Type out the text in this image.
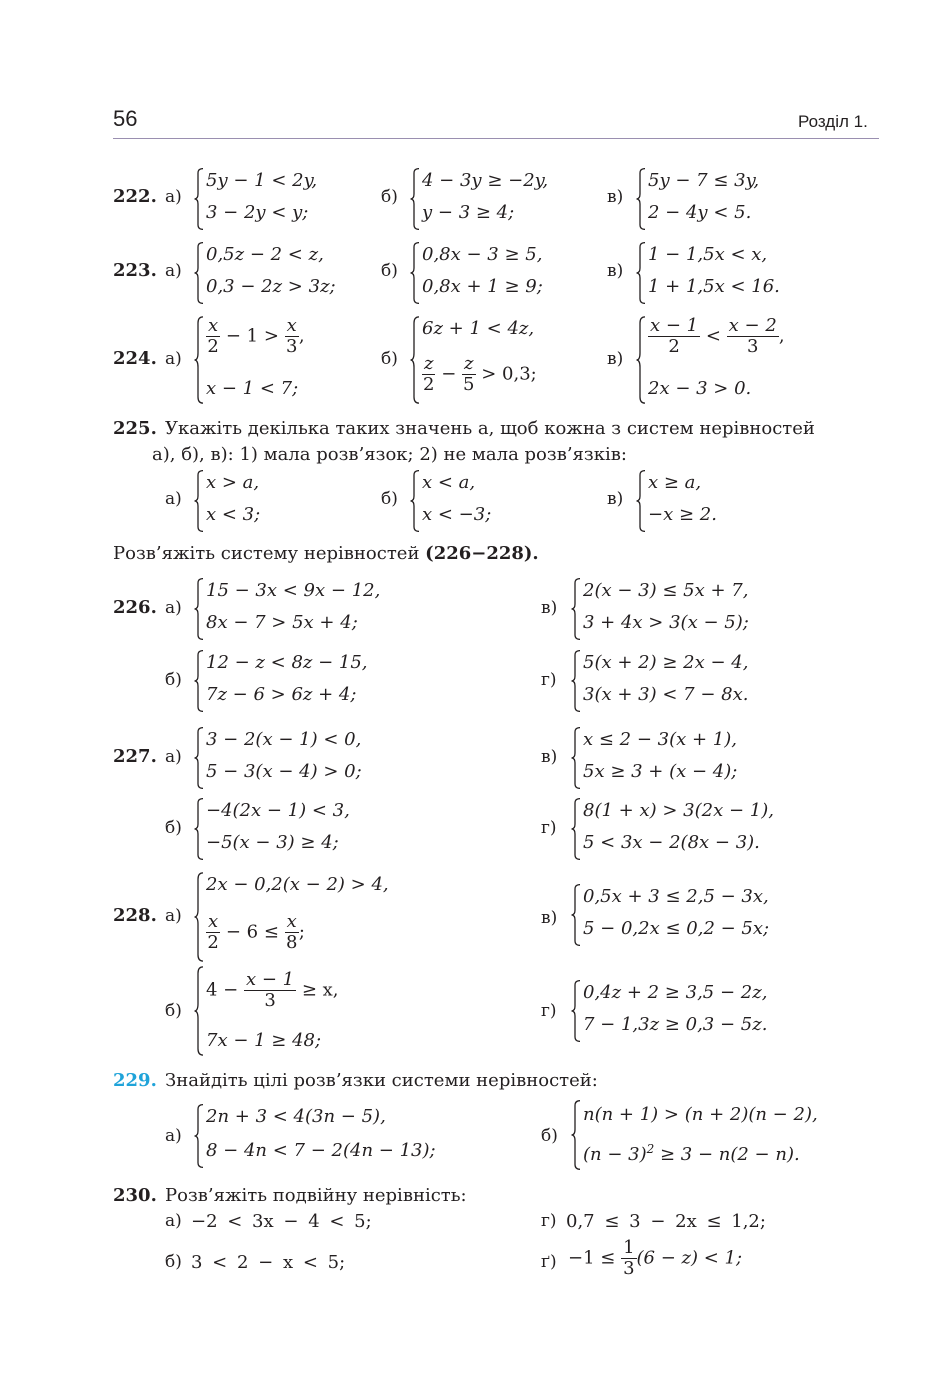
56	Розділ 1.
222. а)
5y − 1 < 2y,
3 − 2y < y;
б)
4 − 3y ≥ −2y,
y − 3 ≥ 4;
в)
5y − 7 ≤ 3y,
2 − 4y < 5.
223. а)
0,5z − 2 < z,
0,3 − 2z > 3z;
б)
0,8x − 3 ≥ 5,
0,8x + 1 ≥ 9;
в)
1 − 1,5x < x,
1 + 1,5x < 16.
224. а)
$\frac{x}{2} - 1 > \frac{x}{3}$ ,
x − 1 < 7;
б)
6z + 1 < 4z,
$\frac{z}{2} - \frac{z}{5} > 0,3$;
в)
$\frac{x - 1}{2} < \frac{x - 2}{3}$ ,
2x − 3 > 0.
225. Укажіть декілька таких значень a, щоб кожна з систем нерівностей
а), б), в): 1) мала розв’язок; 2) не мала розв’язків:
а)
x > a,
x < 3;
б)
x < a,
x < −3;
в)
x ≥ a,
−x ≥ 2.
Розв’яжіть систему нерівностей (226−228).
226. а)
15 − 3x < 9x − 12,
8x − 7 > 5x + 4;
б)
12 − z < 8z − 15,
7z − 6 > 6z + 4;
в)
2(x − 3) ≤ 5x + 7,
3 + 4x > 3(x − 5);
г)
5(x + 2) ≥ 2x − 4,
3(x + 3) < 7 − 8x.
227. а)
3 − 2(x − 1) < 0,
5 − 3(x − 4) > 0;
б)
−4(2x − 1) < 3,
−5(x − 3) ≥ 4;
в)
x ≤ 2 − 3(x + 1),
5x ≥ 3 + (x − 4);
г)
8(1 + x) > 3(2x − 1),
5 < 3x − 2(8x − 3).
228. а)
2x − 0,2(x − 2) > 4,
$\frac{x}{2} - 6 \le \frac{x}{8}$ ;
б)
$4 - \frac{x - 1}{3} \ge x$,
7x − 1 ≥ 48;
в)
0,5x + 3 ≤ 2,5 − 3x,
5 − 0,2x ≤ 0,2 − 5x;
г)
0,4z + 2 ≥ 3,5 − 2z,
7 − 1,3z ≥ 0,3 − 5z.
229. Знайдіть цілі розв’язки системи нерівностей:
а)
2n + 3 < 4(3n − 5),
8 − 4n < 7 − 2(4n − 13);
б)
n(n + 1) > (n + 2)(n − 2),
$(n - 3)^2 \ge 3 - n(2 - n)$.
230. Розв’яжіть подвійну нерівність:
а) −2 < 3x − 4 < 5;
б) 3 < 2 − x < 5;
г) 0,7 ≤ 3 − 2x ≤ 1,2;
$ґ) -1 \le \frac{1}{3} (6 - z) < 1$;
